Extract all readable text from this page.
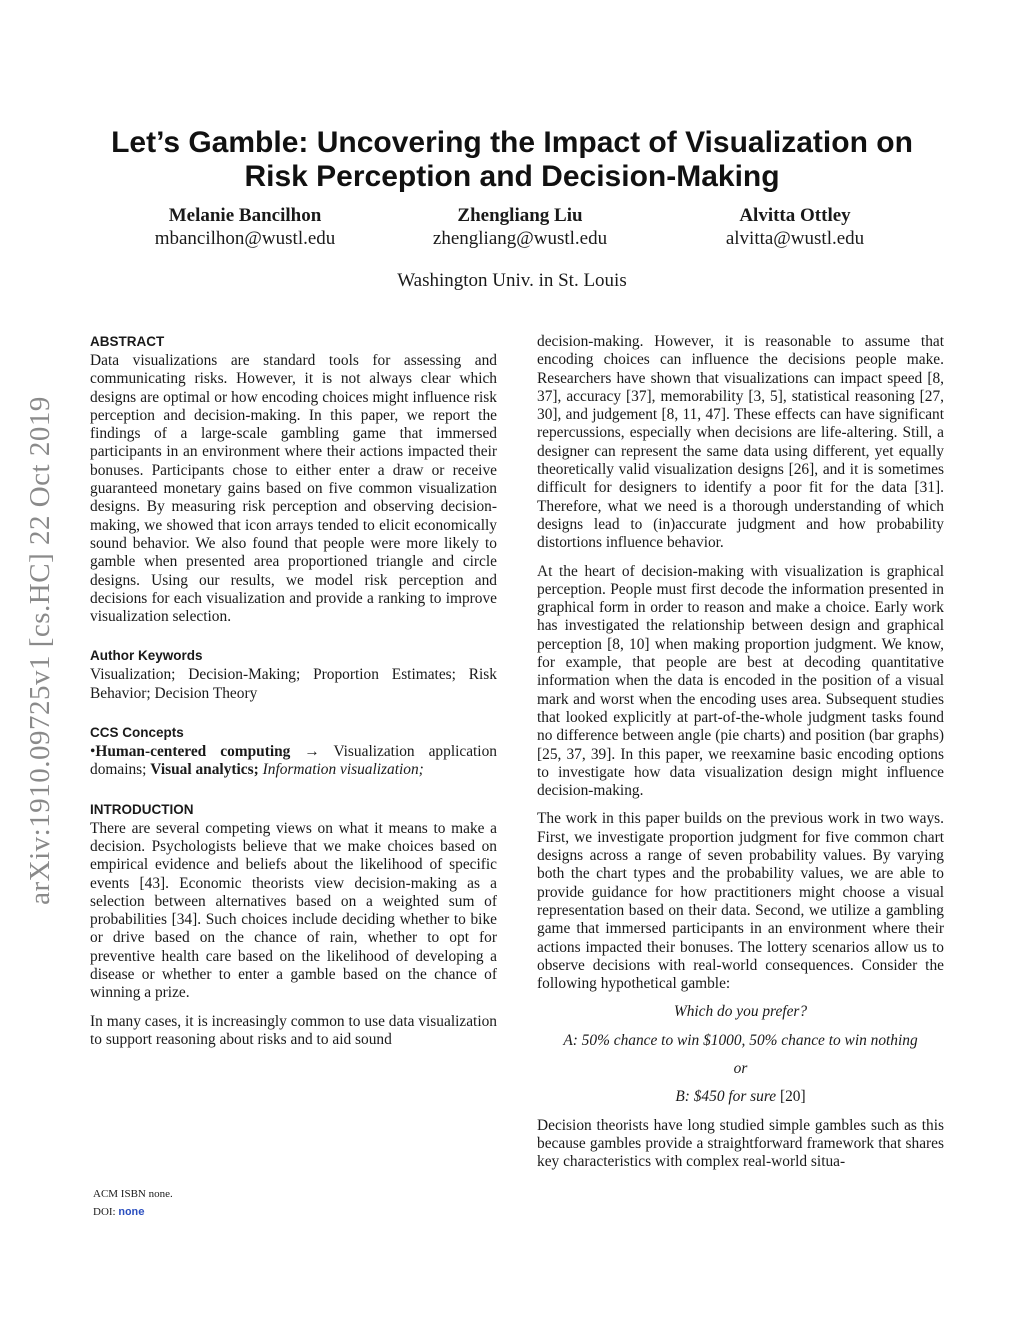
arXiv:1910.09725v1 [cs.HC] 22 Oct 2019
Let’s Gamble: Uncovering the Impact of Visualization on
Risk Perception and Decision-Making
Melanie Bancilhon
mbancilhon@wustl.edu
Zhengliang Liu
zhengliang@wustl.edu
Alvitta Ottley
alvitta@wustl.edu
Washington Univ. in St. Louis
ABSTRACT

Data visualizations are standard tools for assessing and communicating risks. However, it is not always clear which designs are optimal or how encoding choices might influence risk perception and decision-making. In this paper, we report the findings of a large-scale gambling game that immersed participants in an environment where their actions impacted their bonuses. Participants chose to either enter a draw or receive guaranteed monetary gains based on five common visualization designs. By measuring risk perception and observing decision-making, we showed that icon arrays tended to elicit economically sound behavior. We also found that people were more likely to gamble when presented area proportioned triangle and circle designs. Using our results, we model risk perception and decisions for each visualization and provide a ranking to improve visualization selection.

Author Keywords

Visualization; Decision-Making; Proportion Estimates; Risk Behavior; Decision Theory

CCS Concepts

•Human-centered computing → Visualization application domains; Visual analytics; Information visualization;

INTRODUCTION

There are several competing views on what it means to make a decision. Psychologists believe that we make choices based on empirical evidence and beliefs about the likelihood of specific events [43]. Economic theorists view decision-making as a selection between alternatives based on a weighted sum of probabilities [34]. Such choices include deciding whether to bike or drive based on the chance of rain, whether to opt for preventive health care based on the likelihood of developing a disease or whether to enter a gamble based on the chance of winning a prize.

In many cases, it is increasingly common to use data visualization to support reasoning about risks and to aid sound

decision-making. However, it is reasonable to assume that encoding choices can influence the decisions people make. Researchers have shown that visualizations can impact speed [8, 37], accuracy [37], memorability [3, 5], statistical reasoning [27, 30], and judgement [8, 11, 47]. These effects can have significant repercussions, especially when decisions are life-altering. Still, a designer can represent the same data using different, yet equally theoretically valid visualization designs [26], and it is sometimes difficult for designers to identify a poor fit for the data [31]. Therefore, what we need is a thorough understanding of which designs lead to (in)accurate judgment and how probability distortions influence behavior.

At the heart of decision-making with visualization is graphical perception. People must first decode the information presented in graphical form in order to reason and make a choice. Early work has investigated the relationship between design and graphical perception [8, 10] when making proportion judgment. We know, for example, that people are best at decoding quantitative information when the data is encoded in the position of a visual mark and worst when the encoding uses area. Subsequent studies that looked explicitly at part-of-the-whole judgment tasks found no difference between angle (pie charts) and position (bar graphs) [25, 37, 39]. In this paper, we reexamine basic encoding options to investigate how data visualization design might influence decision-making.

The work in this paper builds on the previous work in two ways. First, we investigate proportion judgment for five common chart designs across a range of seven probability values. By varying both the chart types and the probability values, we are able to provide guidance for how practitioners might choose a visual representation based on their data. Second, we utilize a gambling game that immersed participants in an environment where their actions impacted their bonuses. The lottery scenarios allow us to observe decisions with real-world consequences. Consider the following hypothetical gamble:

Which do you prefer?

A: 50% chance to win $1000, 50% chance to win nothing

or

B: $450 for sure [20]

Decision theorists have long studied simple gambles such as this because gambles provide a straightforward framework that shares key characteristics with complex real-world situa-

ACM ISBN none.
DOI: none
